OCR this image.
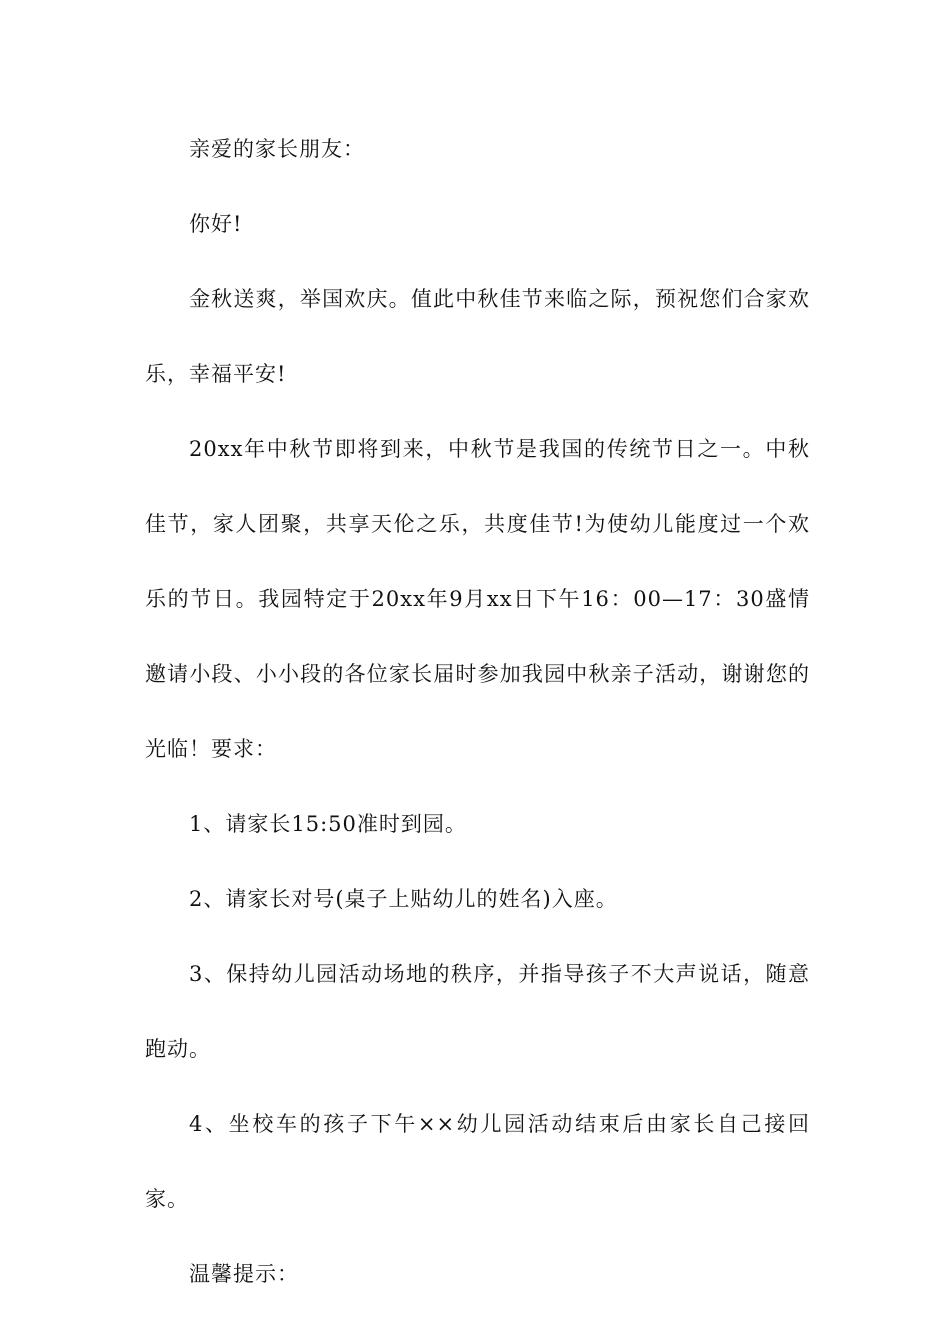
亲爱的家长朋友：

你好!

金秋送爽，举国欢庆。值此中秋佳节来临之际，预祝您们合家欢乐，幸福平安!

20xx年中秋节即将到来，中秋节是我国的传统节日之一。中秋佳节，家人团聚，共享天伦之乐，共度佳节!为使幼儿能度过一个欢乐的节日。我园特定于20xx年9月xx日下午16：00—17：30盛情邀请小段、小小段的各位家长届时参加我园中秋亲子活动，谢谢您的光临！要求：

1、请家长15:50准时到园。

2、请家长对号(桌子上贴幼儿的姓名)入座。

3、保持幼儿园活动场地的秩序，并指导孩子不大声说话，随意跑动。

4、坐校车的孩子下午××幼儿园活动结束后由家长自己接回家。

温馨提示：
